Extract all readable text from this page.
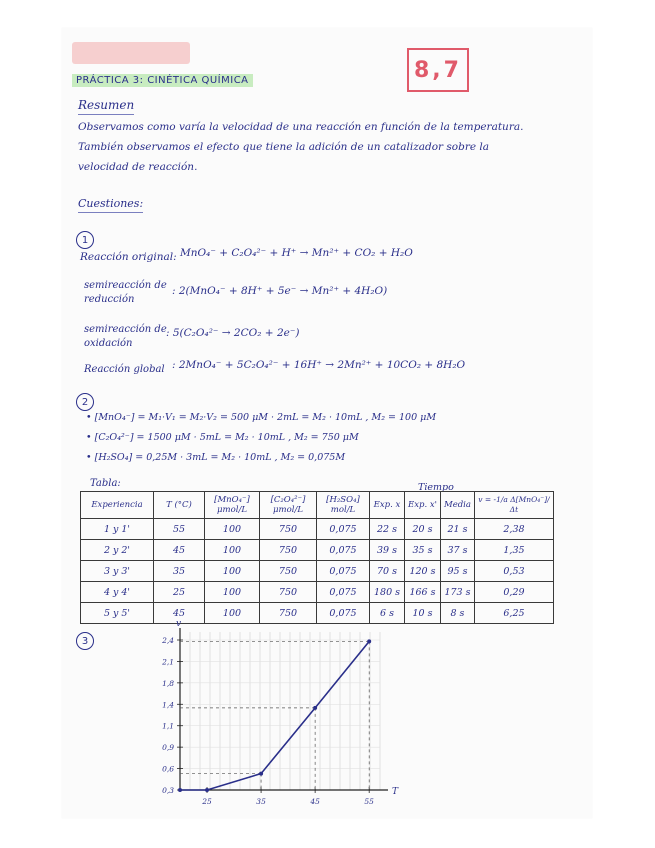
8,7
PRÁCTICA 3: CINÉTICA QUÍMICA
Resumen
Observamos como varía la velocidad de una reacción en función de la temperatura.
También observamos el efecto que tiene la adición de un catalizador sobre la
velocidad de reacción.
Cuestiones:
1
Reacción original: MnO₄⁻ + C₂O₄²⁻ + H⁺ → Mn²⁺ + CO₂ + H₂O
semireacción de
reducción
: 2(MnO₄⁻ + 8H⁺ + 5e⁻ → Mn²⁺ + 4H₂O)
semireacción de
oxidación
: 5(C₂O₄²⁻ → 2CO₂ + 2e⁻)
Reacción global : 2MnO₄⁻ + 5C₂O₄²⁻ + 16H⁺ → 2Mn²⁺ + 10CO₂ + 8H₂O
2
• [MnO₄⁻] = M₁·V₁ = M₂·V₂ = 500 μM · 2mL = M₂ · 10mL , M₂ = 100 μM
• [C₂O₄²⁻] = 1500 μM · 5mL = M₂ · 10mL , M₂ = 750 μM
• [H₂SO₄] = 0,25M · 3mL = M₂ · 10mL , M₂ = 0,075M
Tabla:	Tiempo
Experiencia	T (°C)	[MnO₄⁻] μmol/L	[C₂O₄²⁻] μmol/L	[H₂SO₄] mol/L	Exp. x	Exp. x'	Media	v = -1/a Δ[MnO₄⁻]/Δt
1 y 1'	55	100	750	0,075	22 s	20 s	21 s	2,38
2 y 2'	45	100	750	0,075	39 s	35 s	37 s	1,35
3 y 3'	35	100	750	0,075	70 s	120 s	95 s	0,53
4 y 4'	25	100	750	0,075	180 s	166 s	173 s	0,29
5 y 5'	45	100	750	0,075	6 s	10 s	8 s	6,25
3
T
v
0,3
0,6
0,9
1,1
1,4
1,8
2,1
2,4
25	35	45	55
